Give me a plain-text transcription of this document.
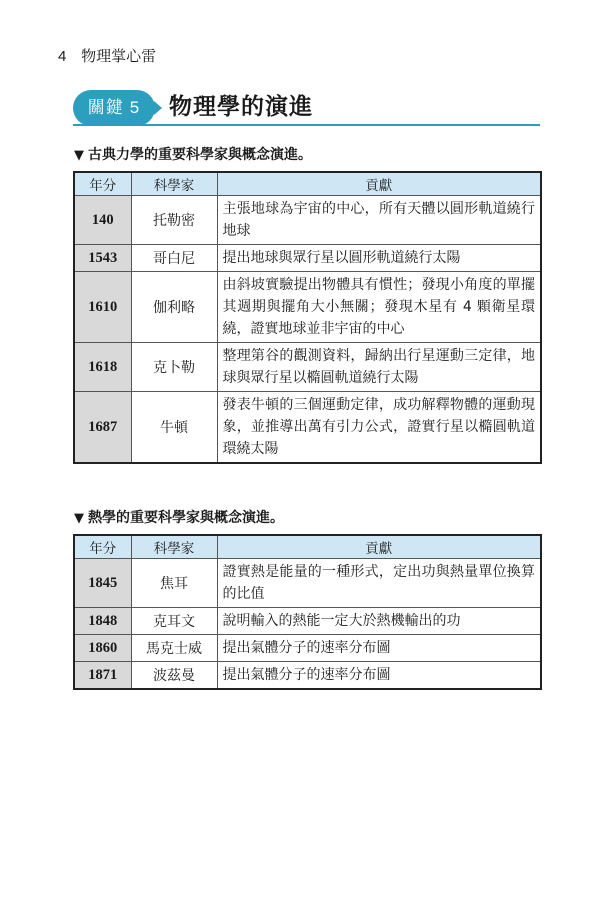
4 物理掌心雷
關鍵 5	物理學的演進
▼ 古典力學的重要科學家與概念演進。
年分	科學家	貢獻
140	托勒密	主張地球為宇宙的中心，所有天體以圓形軌道繞行地球
1543	哥白尼	提出地球與眾行星以圓形軌道繞行太陽
1610	伽利略	由斜坡實驗提出物體具有慣性；發現小角度的單擺其週期與擺角大小無關；發現木星有 4 顆衛星環繞，證實地球並非宇宙的中心
1618	克卜勒	整理第谷的觀測資料，歸納出行星運動三定律，地球與眾行星以橢圓軌道繞行太陽
1687	牛頓	發表牛頓的三個運動定律，成功解釋物體的運動現象，並推導出萬有引力公式，證實行星以橢圓軌道環繞太陽
▼ 熱學的重要科學家與概念演進。
年分	科學家	貢獻
1845	焦耳	證實熱是能量的一種形式，定出功與熱量單位換算的比值
1848	克耳文	說明輸入的熱能一定大於熱機輸出的功
1860	馬克士威	提出氣體分子的速率分布圖
1871	波茲曼	提出氣體分子的速率分布圖
